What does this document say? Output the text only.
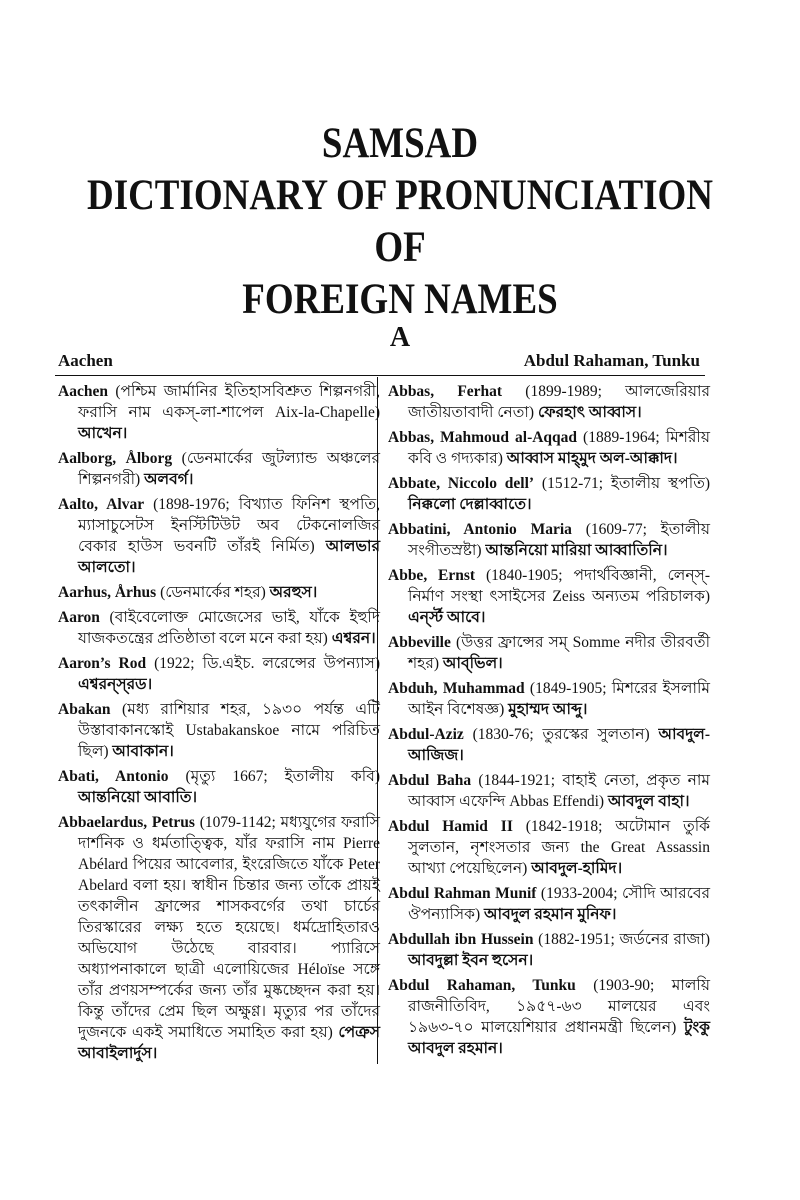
SAMSAD
DICTIONARY OF PRONUNCIATION
OF
FOREIGN NAMES
A
Aachen	Abdul Rahaman, Tunku

Aachen (পশ্চিম জার্মানির ইতিহাসবিশ্রুত শিল্পনগরী, ফরাসি নাম একস্-লা-শাপেল Aix-la-Chapelle) আখেন।

Aalborg, Ålborg (ডেনমার্কের জুটল্যান্ড অঞ্চলের শিল্পনগরী) অলবর্গ।

Aalto, Alvar (1898-1976; বিখ্যাত ফিনিশ স্থপতি, ম্যাসাচুসেটস ইনস্টিটিউট অব টেকনোলজির বেকার হাউস ভবনটি তাঁরই নির্মিত) আলভার আলতো।

Aarhus, Århus (ডেনমার্কের শহর) অরহুস।

Aaron (বাইবেলোক্ত মোজেসের ভাই, যাঁকে ইহুদি যাজকতন্ত্রের প্রতিষ্ঠাতা বলে মনে করা হয়) এশ্বরন।

Aaron’s Rod (1922; ডি.এইচ. লরেন্সের উপন্যাস) এশ্বরন্‌স্‌রড।

Abakan (মধ্য রাশিয়ার শহর, ১৯৩০ পর্যন্ত এটি উস্তাবাকানস্কোই Ustabakanskoe নামে পরিচিত ছিল) আবাকান।

Abati, Antonio (মৃত্যু 1667; ইতালীয় কবি) আন্তনিয়ো আবাতি।

Abbaelardus, Petrus (1079-1142; মধ্যযুগের ফরাসি দার্শনিক ও ধর্মতাত্ত্বিক, যাঁর ফরাসি নাম Pierre Abélard পিয়ের আবেলার, ইংরেজিতে যাঁকে Peter Abelard বলা হয়। স্বাধীন চিন্তার জন্য তাঁকে প্রায়ই তৎকালীন ফ্রান্সের শাসকবর্গের তথা চার্চের তিরস্কারের লক্ষ্য হতে হয়েছে। ধর্মদ্রোহিতারও অভিযোগ উঠেছে বারবার। প্যারিসে অধ্যাপনাকালে ছাত্রী এলোয়িজের Héloïse সঙ্গে তাঁর প্রণয়সম্পর্কের জন্য তাঁর মুষ্কচ্ছেদন করা হয়। কিন্তু তাঁদের প্রেম ছিল অক্ষুণ্ণ। মৃত্যুর পর তাঁদের দুজনকে একই সমাধিতে সমাহিত করা হয়) পেত্রুস আবাইলার্দুস।

Abbas, Ferhat (1899-1989; আলজেরিয়ার জাতীয়তাবাদী নেতা) ফেরহাৎ আব্বাস।

Abbas, Mahmoud al-Aqqad (1889-1964; মিশরীয় কবি ও গদ্যকার) আব্বাস মাহ্‌মুদ অল-আক্কাদ।

Abbate, Niccolo dell’ (1512-71; ইতালীয় স্থপতি) নিক্কলো দেল্লাব্বাতে।

Abbatini, Antonio Maria (1609-77; ইতালীয় সংগীতস্রষ্টা) আন্তনিয়ো মারিয়া আব্বাতিনি।

Abbe, Ernst (1840-1905; পদার্থবিজ্ঞানী, লেন্স্‌-নির্মাণ সংস্থা ৎসাইসের Zeiss অন্যতম পরিচালক) এর্ন্স্ট আবে।

Abbeville (উত্তর ফ্রান্সের সম্ Somme নদীর তীরবর্তী শহর) আব্‌ভিল।

Abduh, Muhammad (1849-1905; মিশরের ইসলামি আইন বিশেষজ্ঞ) মুহাম্মদ আব্দু।

Abdul-Aziz (1830-76; তুরস্কের সুলতান) আবদুল-আজিজ।

Abdul Baha (1844-1921; বাহাই নেতা, প্রকৃত নাম আব্বাস এফেন্দি Abbas Effendi) আবদুল বাহা।

Abdul Hamid II (1842-1918; অটোমান তুর্কি সুলতান, নৃশংসতার জন্য the Great Assassin আখ্যা পেয়েছিলেন) আবদুল-হামিদ।

Abdul Rahman Munif (1933-2004; সৌদি আরবের ঔপন্যাসিক) আবদুল রহমান মুনিফ।

Abdullah ibn Hussein (1882-1951; জর্ডনের রাজা) আবদুল্লা ইবন হুসেন।

Abdul Rahaman, Tunku (1903-90; মালয়ি রাজনীতিবিদ, ১৯৫৭-৬৩ মালয়ের এবং ১৯৬৩-৭০ মালয়েশিয়ার প্রধানমন্ত্রী ছিলেন) টুংকু আবদুল রহমান।
